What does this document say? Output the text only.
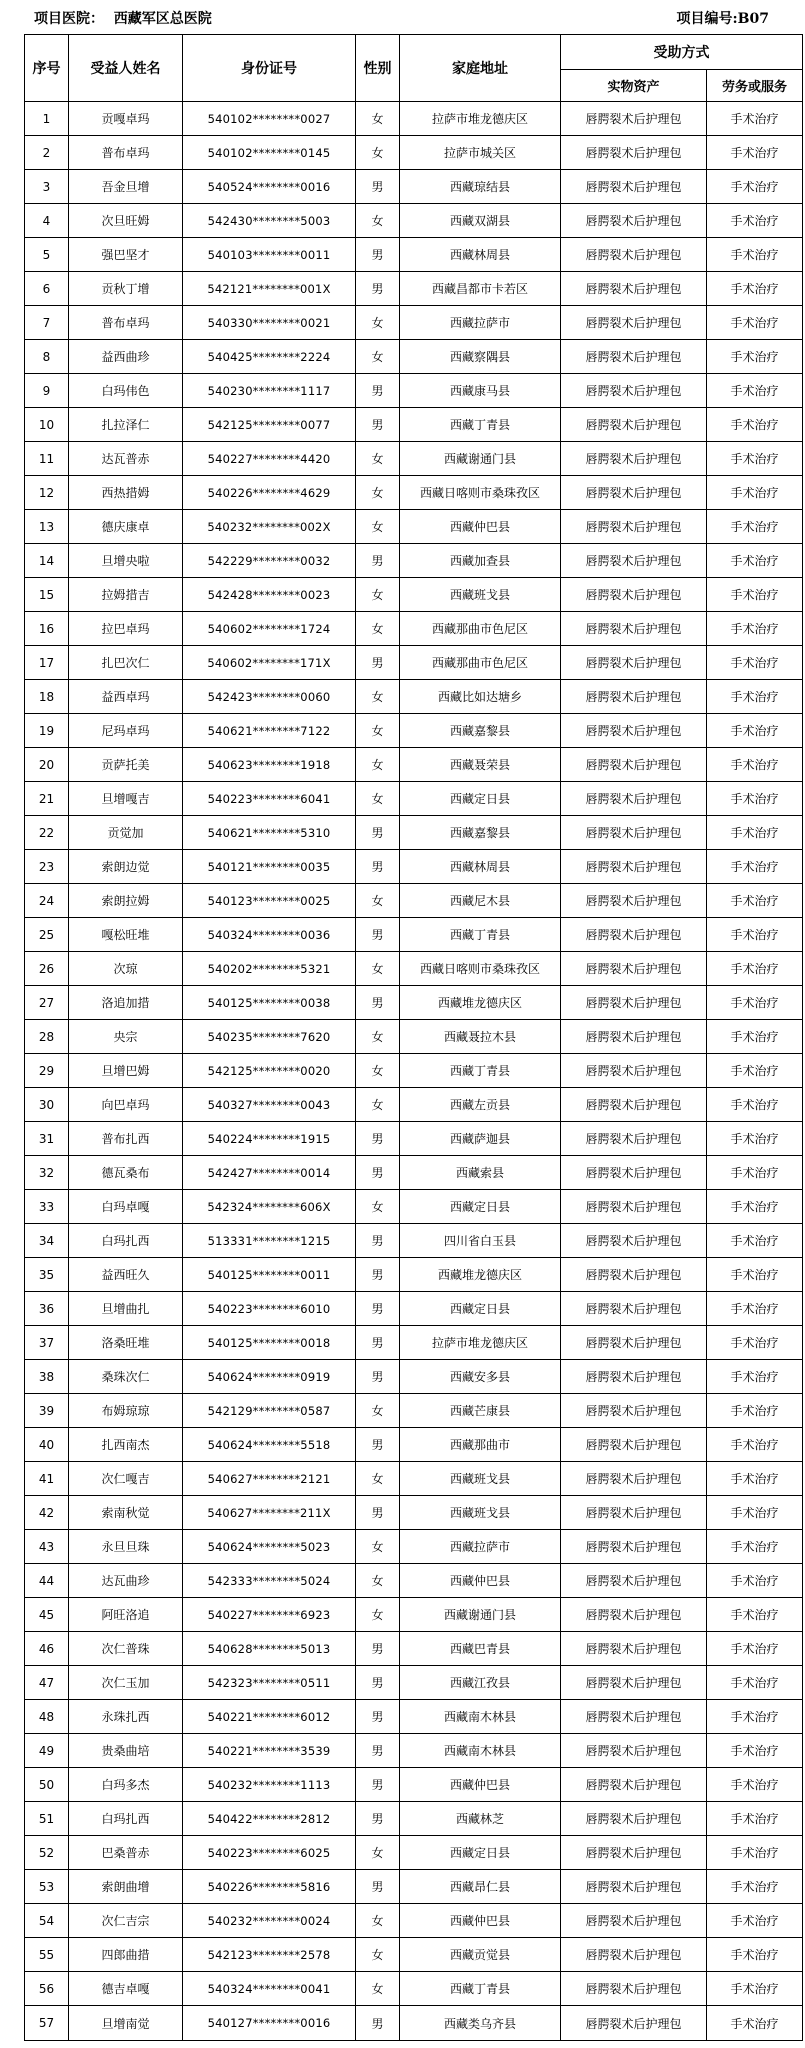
项目医院： 西藏军区总医院	项目编号:B07
序号	受益人姓名	身份证号	性别	家庭地址	受助方式	
					实物资产	劳务或服务
1	贡嘎卓玛	540102********0027	女	拉萨市堆龙德庆区	唇腭裂术后护理包	手术治疗
2	普布卓玛	540102********0145	女	拉萨市城关区	唇腭裂术后护理包	手术治疗
3	吾金旦增	540524********0016	男	西藏琼结县	唇腭裂术后护理包	手术治疗
4	次旦旺姆	542430********5003	女	西藏双湖县	唇腭裂术后护理包	手术治疗
5	强巴坚才	540103********0011	男	西藏林周县	唇腭裂术后护理包	手术治疗
6	贡秋丁增	542121********001X	男	西藏昌都市卡若区	唇腭裂术后护理包	手术治疗
7	普布卓玛	540330********0021	女	西藏拉萨市	唇腭裂术后护理包	手术治疗
8	益西曲珍	540425********2224	女	西藏察隅县	唇腭裂术后护理包	手术治疗
9	白玛伟色	540230********1117	男	西藏康马县	唇腭裂术后护理包	手术治疗
10	扎拉泽仁	542125********0077	男	西藏丁青县	唇腭裂术后护理包	手术治疗
11	达瓦普赤	540227********4420	女	西藏谢通门县	唇腭裂术后护理包	手术治疗
12	西热措姆	540226********4629	女	西藏日喀则市桑珠孜区	唇腭裂术后护理包	手术治疗
13	德庆康卓	540232********002X	女	西藏仲巴县	唇腭裂术后护理包	手术治疗
14	旦增央啦	542229********0032	男	西藏加查县	唇腭裂术后护理包	手术治疗
15	拉姆措吉	542428********0023	女	西藏班戈县	唇腭裂术后护理包	手术治疗
16	拉巴卓玛	540602********1724	女	西藏那曲市色尼区	唇腭裂术后护理包	手术治疗
17	扎巴次仁	540602********171X	男	西藏那曲市色尼区	唇腭裂术后护理包	手术治疗
18	益西卓玛	542423********0060	女	西藏比如达塘乡	唇腭裂术后护理包	手术治疗
19	尼玛卓玛	540621********7122	女	西藏嘉黎县	唇腭裂术后护理包	手术治疗
20	贡萨托美	540623********1918	女	西藏聂荣县	唇腭裂术后护理包	手术治疗
21	旦增嘎吉	540223********6041	女	西藏定日县	唇腭裂术后护理包	手术治疗
22	贡觉加	540621********5310	男	西藏嘉黎县	唇腭裂术后护理包	手术治疗
23	索朗边觉	540121********0035	男	西藏林周县	唇腭裂术后护理包	手术治疗
24	索朗拉姆	540123********0025	女	西藏尼木县	唇腭裂术后护理包	手术治疗
25	嘎松旺堆	540324********0036	男	西藏丁青县	唇腭裂术后护理包	手术治疗
26	次琼	540202********5321	女	西藏日喀则市桑珠孜区	唇腭裂术后护理包	手术治疗
27	洛追加措	540125********0038	男	西藏堆龙德庆区	唇腭裂术后护理包	手术治疗
28	央宗	540235********7620	女	西藏聂拉木县	唇腭裂术后护理包	手术治疗
29	旦增巴姆	542125********0020	女	西藏丁青县	唇腭裂术后护理包	手术治疗
30	向巴卓玛	540327********0043	女	西藏左贡县	唇腭裂术后护理包	手术治疗
31	普布扎西	540224********1915	男	西藏萨迦县	唇腭裂术后护理包	手术治疗
32	德瓦桑布	542427********0014	男	西藏索县	唇腭裂术后护理包	手术治疗
33	白玛卓嘎	542324********606X	女	西藏定日县	唇腭裂术后护理包	手术治疗
34	白玛扎西	513331********1215	男	四川省白玉县	唇腭裂术后护理包	手术治疗
35	益西旺久	540125********0011	男	西藏堆龙德庆区	唇腭裂术后护理包	手术治疗
36	旦增曲扎	540223********6010	男	西藏定日县	唇腭裂术后护理包	手术治疗
37	洛桑旺堆	540125********0018	男	拉萨市堆龙德庆区	唇腭裂术后护理包	手术治疗
38	桑珠次仁	540624********0919	男	西藏安多县	唇腭裂术后护理包	手术治疗
39	布姆琼琼	542129********0587	女	西藏芒康县	唇腭裂术后护理包	手术治疗
40	扎西南杰	540624********5518	男	西藏那曲市	唇腭裂术后护理包	手术治疗
41	次仁嘎吉	540627********2121	女	西藏班戈县	唇腭裂术后护理包	手术治疗
42	索南秋觉	540627********211X	男	西藏班戈县	唇腭裂术后护理包	手术治疗
43	永旦旦珠	540624********5023	女	西藏拉萨市	唇腭裂术后护理包	手术治疗
44	达瓦曲珍	542333********5024	女	西藏仲巴县	唇腭裂术后护理包	手术治疗
45	阿旺洛追	540227********6923	女	西藏谢通门县	唇腭裂术后护理包	手术治疗
46	次仁普珠	540628********5013	男	西藏巴青县	唇腭裂术后护理包	手术治疗
47	次仁玉加	542323********0511	男	西藏江孜县	唇腭裂术后护理包	手术治疗
48	永珠扎西	540221********6012	男	西藏南木林县	唇腭裂术后护理包	手术治疗
49	贵桑曲培	540221********3539	男	西藏南木林县	唇腭裂术后护理包	手术治疗
50	白玛多杰	540232********1113	男	西藏仲巴县	唇腭裂术后护理包	手术治疗
51	白玛扎西	540422********2812	男	西藏林芝	唇腭裂术后护理包	手术治疗
52	巴桑普赤	540223********6025	女	西藏定日县	唇腭裂术后护理包	手术治疗
53	索朗曲增	540226********5816	男	西藏昂仁县	唇腭裂术后护理包	手术治疗
54	次仁吉宗	540232********0024	女	西藏仲巴县	唇腭裂术后护理包	手术治疗
55	四郎曲措	542123********2578	女	西藏贡觉县	唇腭裂术后护理包	手术治疗
56	德吉卓嘎	540324********0041	女	西藏丁青县	唇腭裂术后护理包	手术治疗
57	旦增南觉	540127********0016	男	西藏类乌齐县	唇腭裂术后护理包	手术治疗
